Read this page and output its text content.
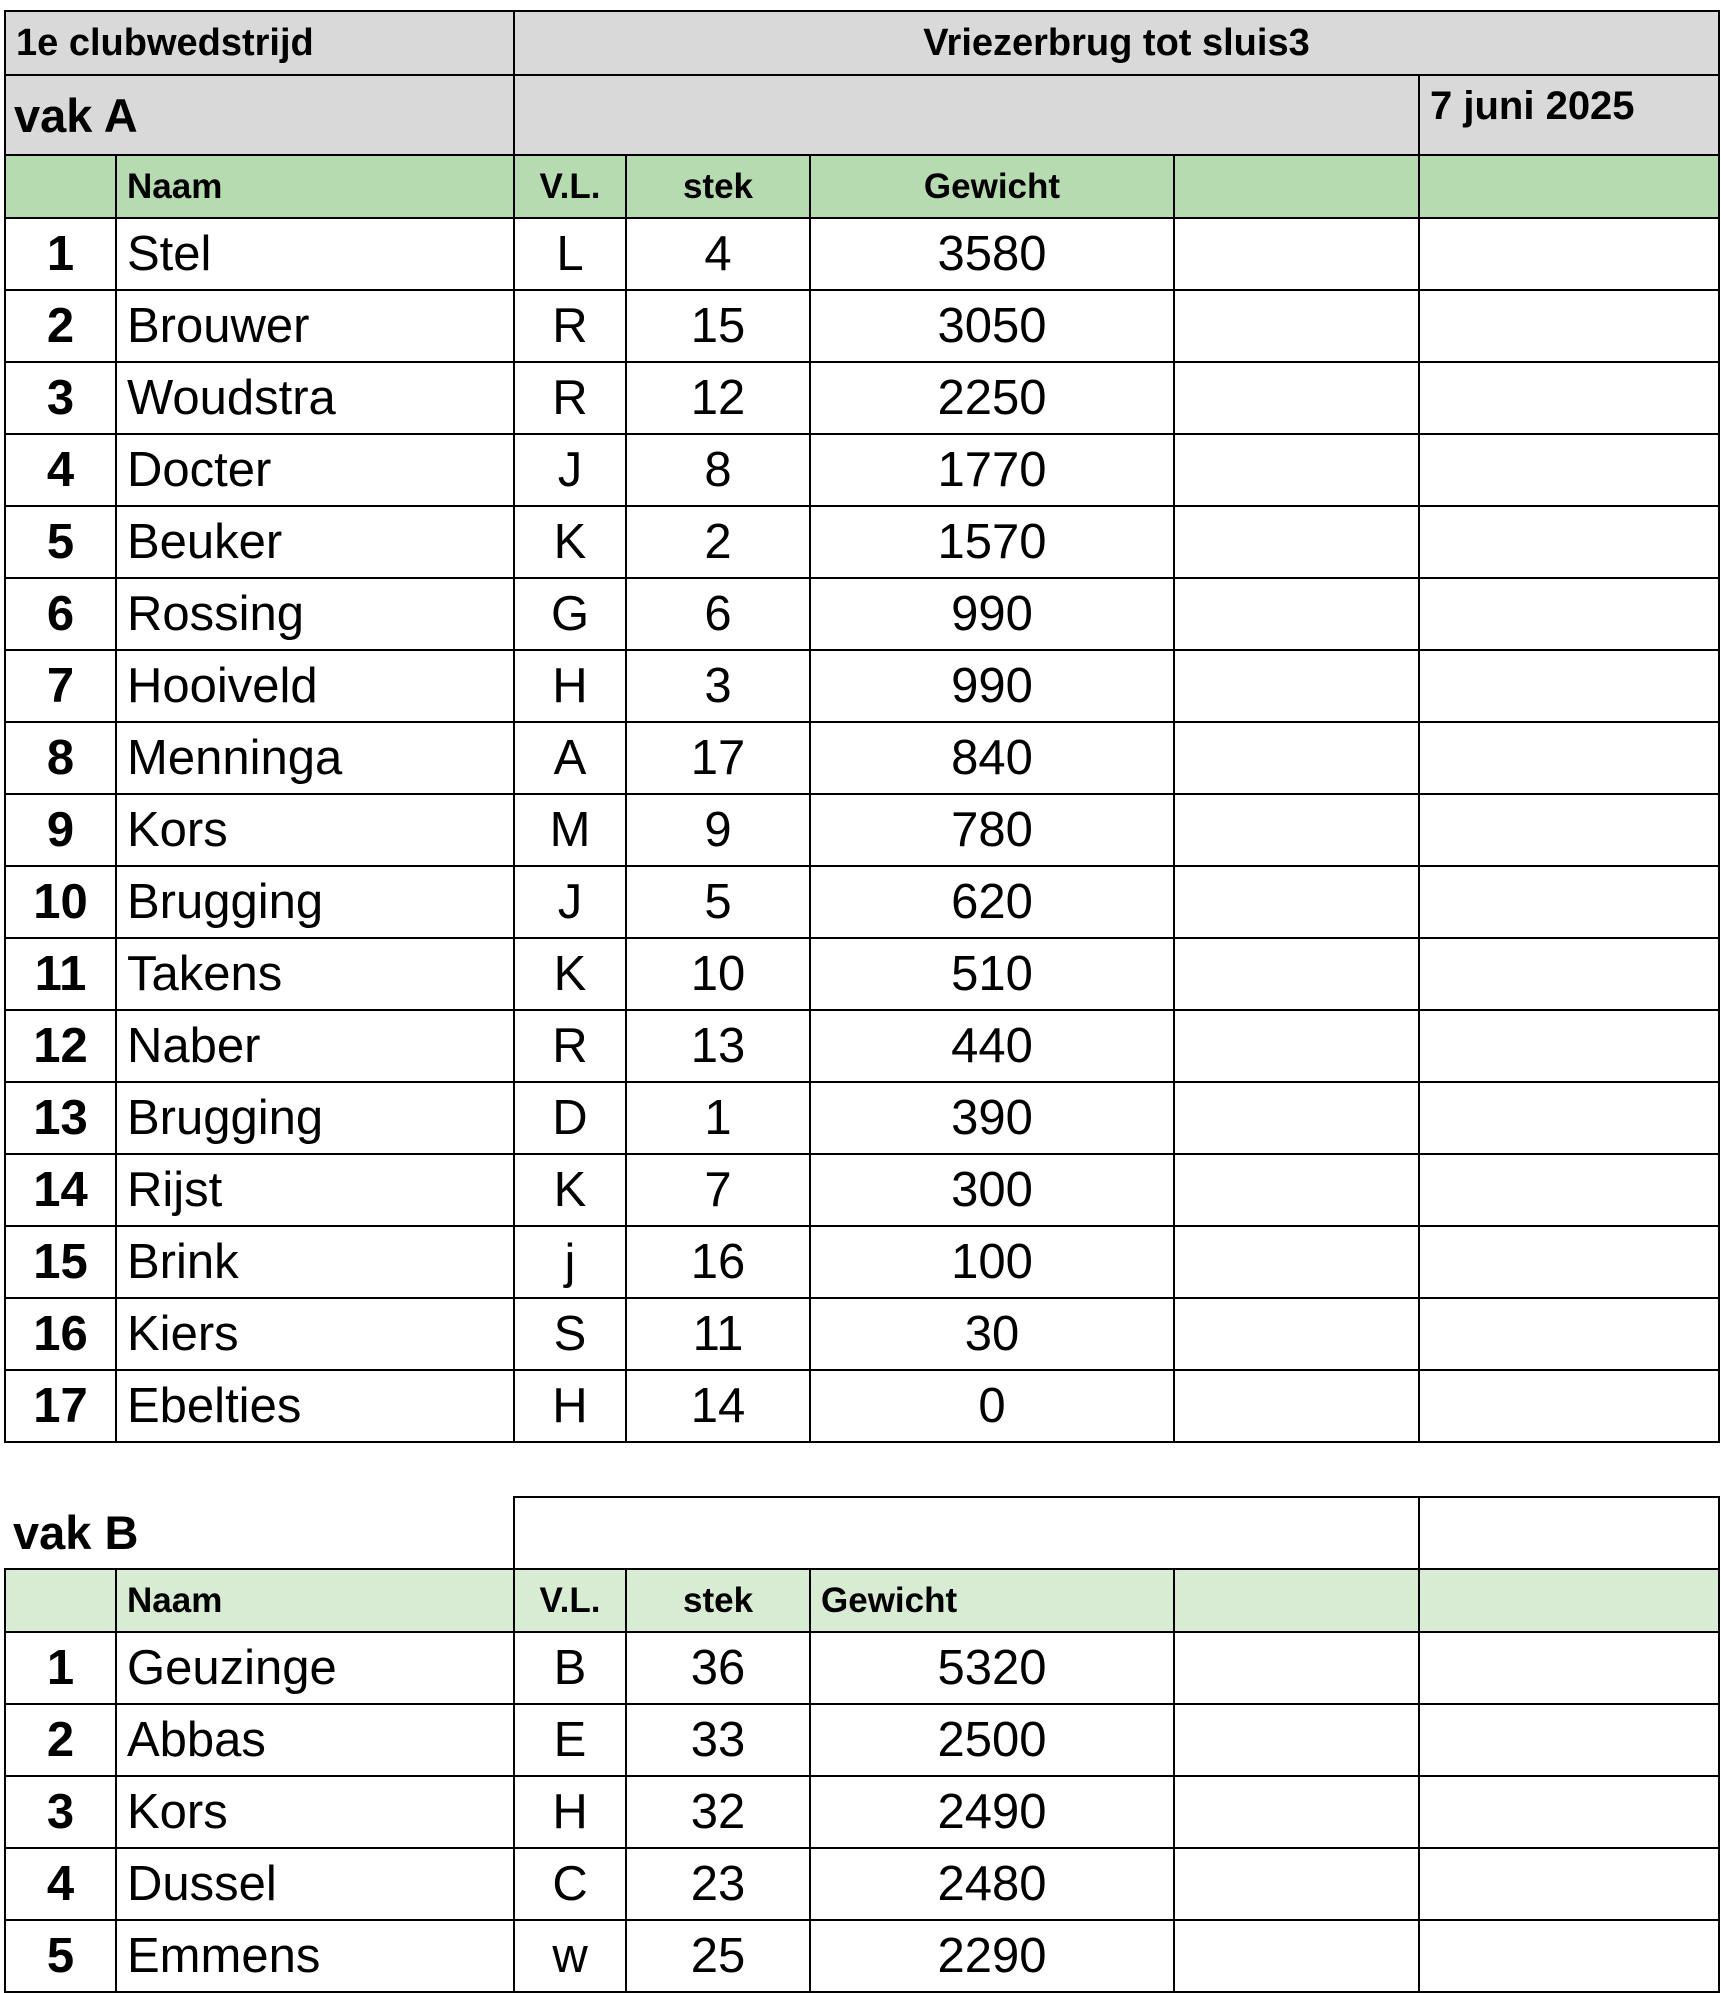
1e clubwedstrijd		Vriezerbrug tot sluis3				
vak A						7 juni 2025
	Naam	V.L.	stek	Gewicht		
1	Stel	L	4	3580		
2	Brouwer	R	15	3050		
3	Woudstra	R	12	2250		
4	Docter	J	8	1770		
5	Beuker	K	2	1570		
6	Rossing	G	6	990		
7	Hooiveld	H	3	990		
8	Menninga	A	17	840		
9	Kors	M	9	780		
10	Brugging	J	5	620		
11	Takens	K	10	510		
12	Naber	R	13	440		
13	Brugging	D	1	390		
14	Rijst	K	7	300		
15	Brink	j	16	100		
16	Kiers	S	11	30		
17	Ebelties	H	14	0		
vak B						
	Naam	V.L.	stek	Gewicht		
1	Geuzinge	B	36	5320		
2	Abbas	E	33	2500		
3	Kors	H	32	2490		
4	Dussel	C	23	2480		
5	Emmens	w	25	2290		
